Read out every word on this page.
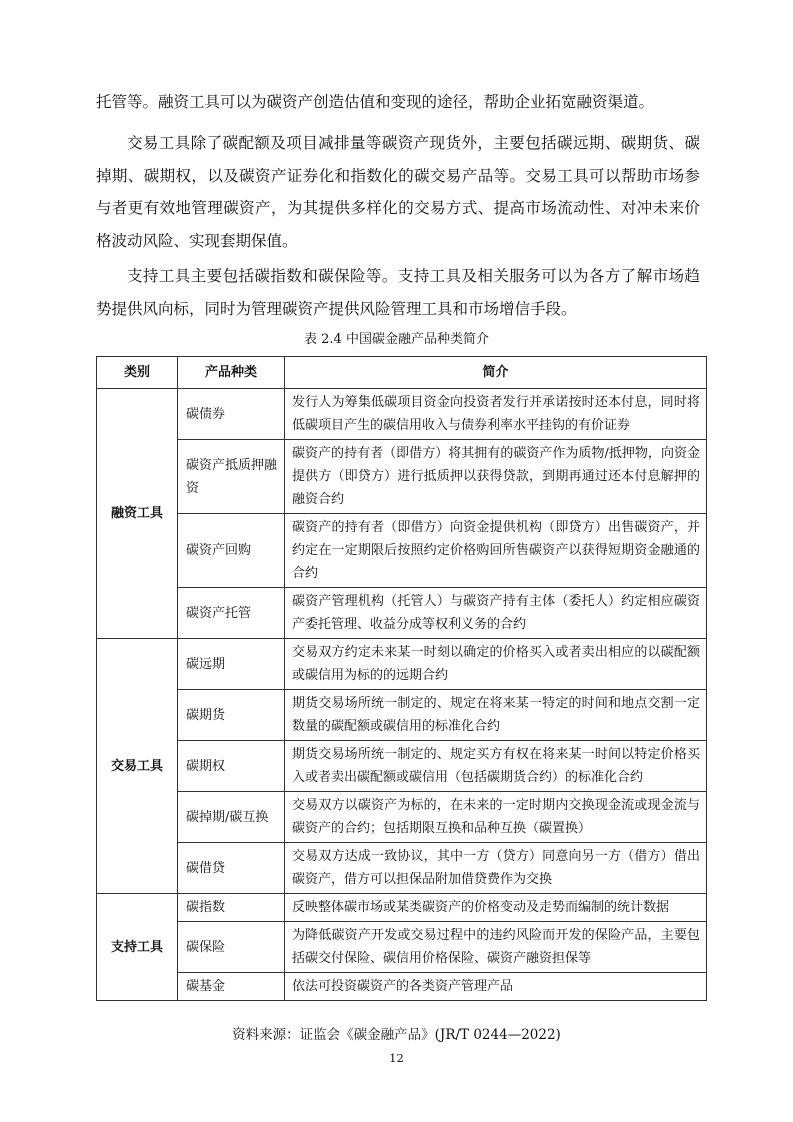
托管等。融资工具可以为碳资产创造估值和变现的途径，帮助企业拓宽融资渠道。

交易工具除了碳配额及项目减排量等碳资产现货外，主要包括碳远期、碳期货、碳掉期、碳期权，以及碳资产证券化和指数化的碳交易产品等。交易工具可以帮助市场参与者更有效地管理碳资产，为其提供多样化的交易方式、提高市场流动性、对冲未来价格波动风险、实现套期保值。

支持工具主要包括碳指数和碳保险等。支持工具及相关服务可以为各方了解市场趋势提供风向标，同时为管理碳资产提供风险管理工具和市场增信手段。

表 2.4 中国碳金融产品种类简介
类别	产品种类	简介
融资工具	碳债券	发行人为筹集低碳项目资金向投资者发行并承诺按时还本付息，同时将低碳项目产生的碳信用收入与债券利率水平挂钩的有价证券
	碳资产抵质押融资	碳资产的持有者（即借方）将其拥有的碳资产作为质物/抵押物，向资金提供方（即贷方）进行抵质押以获得贷款，到期再通过还本付息解押的融资合约
	碳资产回购	碳资产的持有者（即借方）向资金提供机构（即贷方）出售碳资产，并约定在一定期限后按照约定价格购回所售碳资产以获得短期资金融通的合约
	碳资产托管	碳资产管理机构（托管人）与碳资产持有主体（委托人）约定相应碳资产委托管理、收益分成等权利义务的合约
交易工具	碳远期	交易双方约定未来某一时刻以确定的价格买入或者卖出相应的以碳配额或碳信用为标的的远期合约
	碳期货	期货交易场所统一制定的、规定在将来某一特定的时间和地点交割一定数量的碳配额或碳信用的标准化合约
	碳期权	期货交易场所统一制定的、规定买方有权在将来某一时间以特定价格买入或者卖出碳配额或碳信用（包括碳期货合约）的标准化合约
	碳掉期/碳互换	交易双方以碳资产为标的，在未来的一定时期内交换现金流或现金流与碳资产的合约；包括期限互换和品种互换（碳置换）
	碳借贷	交易双方达成一致协议，其中一方（贷方）同意向另一方（借方）借出碳资产，借方可以担保品附加借贷费作为交换
支持工具	碳指数	反映整体碳市场或某类碳资产的价格变动及走势而编制的统计数据
	碳保险	为降低碳资产开发或交易过程中的违约风险而开发的保险产品，主要包括碳交付保险、碳信用价格保险、碳资产融资担保等
	碳基金	依法可投资碳资产的各类资产管理产品
资料来源：证监会《碳金融产品》(JR/T 0244—2022)
12
